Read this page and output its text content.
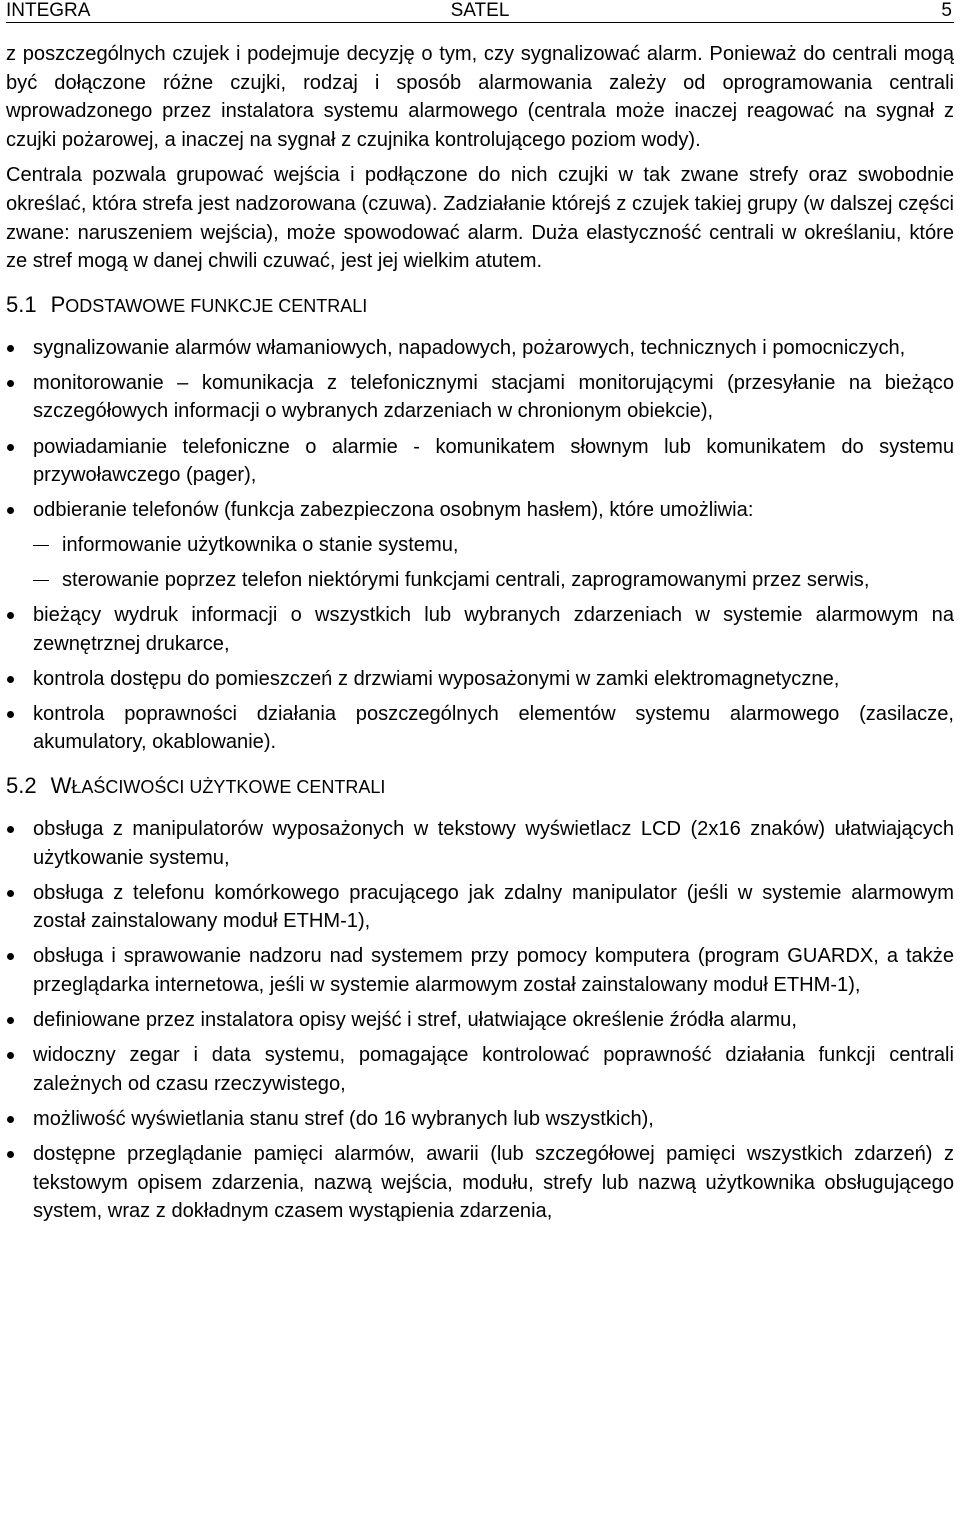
INTEGRA	SATEL	5

z poszczególnych czujek i podejmuje decyzję o tym, czy sygnalizować alarm. Ponieważ do centrali mogą być dołączone różne czujki, rodzaj i sposób alarmowania zależy od oprogramowania centrali wprowadzonego przez instalatora systemu alarmowego (centrala może inaczej reagować na sygnał z czujki pożarowej, a inaczej na sygnał z czujnika kontrolującego poziom wody).

Centrala pozwala grupować wejścia i podłączone do nich czujki w tak zwane strefy oraz swobodnie określać, która strefa jest nadzorowana (czuwa). Zadziałanie którejś z czujek takiej grupy (w dalszej części zwane: naruszeniem wejścia), może spowodować alarm. Duża elastyczność centrali w określaniu, które ze stref mogą w danej chwili czuwać, jest jej wielkim atutem.

5.1 PODSTAWOWE FUNKCJE CENTRALI
sygnalizowanie alarmów włamaniowych, napadowych, pożarowych, technicznych i pomocniczych,
monitorowanie – komunikacja z telefonicznymi stacjami monitorującymi (przesyłanie na bieżąco szczegółowych informacji o wybranych zdarzeniach w chronionym obiekcie),
powiadamianie telefoniczne o alarmie - komunikatem słownym lub komunikatem do systemu przywoławczego (pager),
odbieranie telefonów (funkcja zabezpieczona osobnym hasłem), które umożliwia:
informowanie użytkownika o stanie systemu,
sterowanie poprzez telefon niektórymi funkcjami centrali, zaprogramowanymi przez serwis,
bieżący wydruk informacji o wszystkich lub wybranych zdarzeniach w systemie alarmowym na zewnętrznej drukarce,
kontrola dostępu do pomieszczeń z drzwiami wyposażonymi w zamki elektromagnetyczne,
kontrola poprawności działania poszczególnych elementów systemu alarmowego (zasilacze, akumulatory, okablowanie).
5.2 WŁAŚCIWOŚCI UŻYTKOWE CENTRALI
obsługa z manipulatorów wyposażonych w tekstowy wyświetlacz LCD (2x16 znaków) ułatwiających użytkowanie systemu,
obsługa z telefonu komórkowego pracującego jak zdalny manipulator (jeśli w systemie alarmowym został zainstalowany moduł ETHM-1),
obsługa i sprawowanie nadzoru nad systemem przy pomocy komputera (program GUARDX, a także przeglądarka internetowa, jeśli w systemie alarmowym został zainstalowany moduł ETHM-1),
definiowane przez instalatora opisy wejść i stref, ułatwiające określenie źródła alarmu,
widoczny zegar i data systemu, pomagające kontrolować poprawność działania funkcji centrali zależnych od czasu rzeczywistego,
możliwość wyświetlania stanu stref (do 16 wybranych lub wszystkich),
dostępne przeglądanie pamięci alarmów, awarii (lub szczegółowej pamięci wszystkich zdarzeń) z tekstowym opisem zdarzenia, nazwą wejścia, modułu, strefy lub nazwą użytkownika obsługującego system, wraz z dokładnym czasem wystąpienia zdarzenia,
